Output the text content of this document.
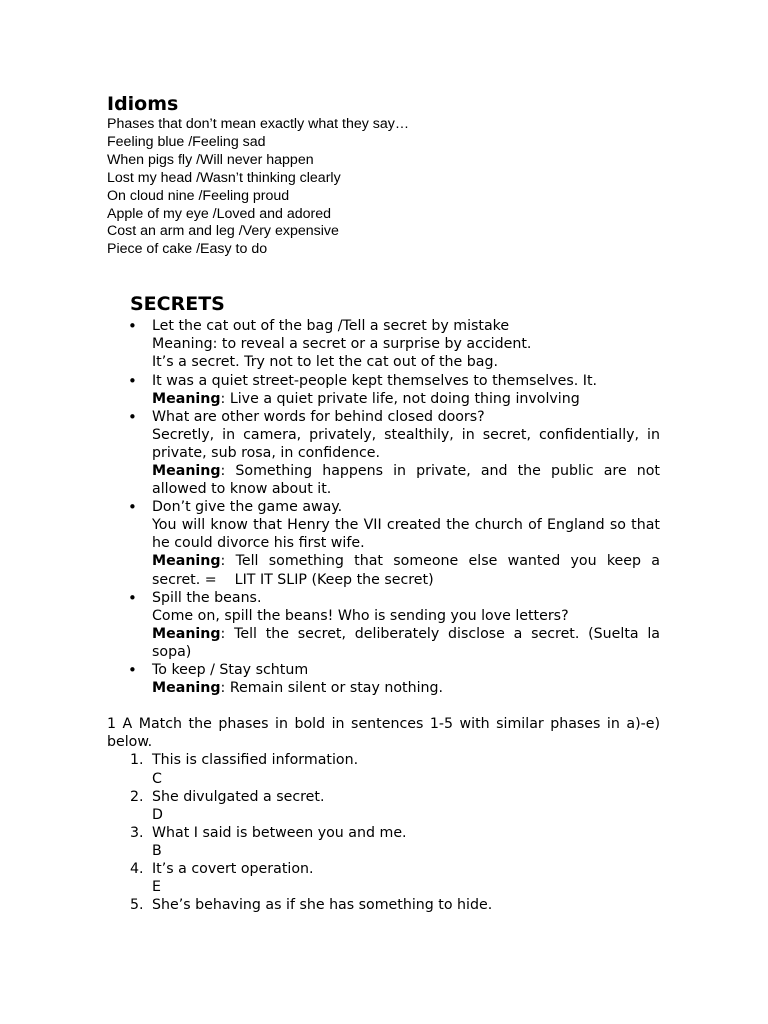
Idioms
Phases that don’t mean exactly what they say…
Feeling blue /Feeling sad
When pigs fly /Will never happen
Lost my head /Wasn’t thinking clearly
On cloud nine /Feeling proud
Apple of my eye /Loved and adored
Cost an arm and leg /Very expensive
Piece of cake /Easy to do
SECRETS
• Let the cat out of the bag /Tell a secret by mistake
Meaning: to reveal a secret or a surprise by accident.
It’s a secret. Try not to let the cat out of the bag.
• It was a quiet street-people kept themselves to themselves. It.
Meaning: Live a quiet private life, not doing thing involving
• What are other words for behind closed doors?
Secretly, in camera, privately, stealthily, in secret, confidentially, in private, sub rosa, in confidence.
Meaning: Something happens in private, and the public are not allowed to know about it.
• Don’t give the game away.
You will know that Henry the VII created the church of England so that he could divorce his first wife.
Meaning: Tell something that someone else wanted you keep a secret. =    LIT IT SLIP (Keep the secret)
• Spill the beans.
Come on, spill the beans! Who is sending you love letters?
Meaning: Tell the secret, deliberately disclose a secret. (Suelta la sopa)
• To keep / Stay schtum
Meaning: Remain silent or stay nothing.
1 A Match the phases in bold in sentences 1-5 with similar phases in a)-e) below.
1. This is classified information.
C
2. She divulgated a secret.
D
3. What I said is between you and me.
B
4. It’s a covert operation.
E
5. She’s behaving as if she has something to hide.
